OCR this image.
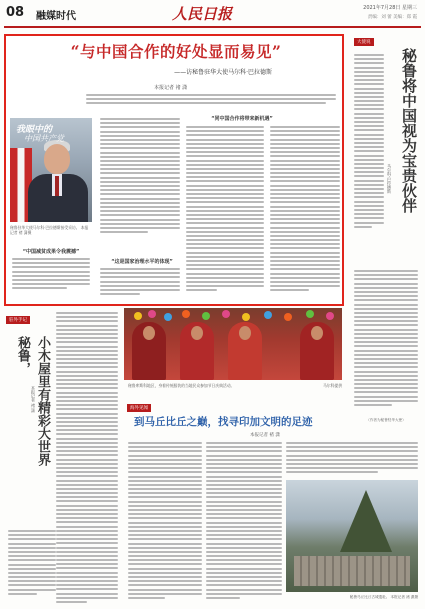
08 融媒时代	人民日报	2021年7月28日 星期三
责编：刘 蕾 美编：郑 霞
“与中国合作的好处显而易见”
——访秘鲁驻华大使马尔科·巴拉德斯
本报记者 褚 潇
我眼中的
中国共产党
秘鲁驻华大使马尔科·巴拉德斯接受采访。 本报记者 褚 潇摄
“中国减贫成果令我震撼”
“这是国家治理水平的体现”
“同中国合作将带来新机遇”
大使说
秘鲁将中国视为宝贵伙伴
马尔科·巴拉德斯
（作者为秘鲁驻华大使）
驻外手记
秘鲁， 小木屋里有精彩大世界
本报记者 褚 潇
秘鲁库斯科地区，身着传统服装的当地民众参加节日庆典活动。	马尔科提供
海外见闻
到马丘比丘之巅，找寻印加文明的足迹
本报记者 褚 潇
秘鲁马丘比丘古城遗址。 本报记者 褚 潇摄
